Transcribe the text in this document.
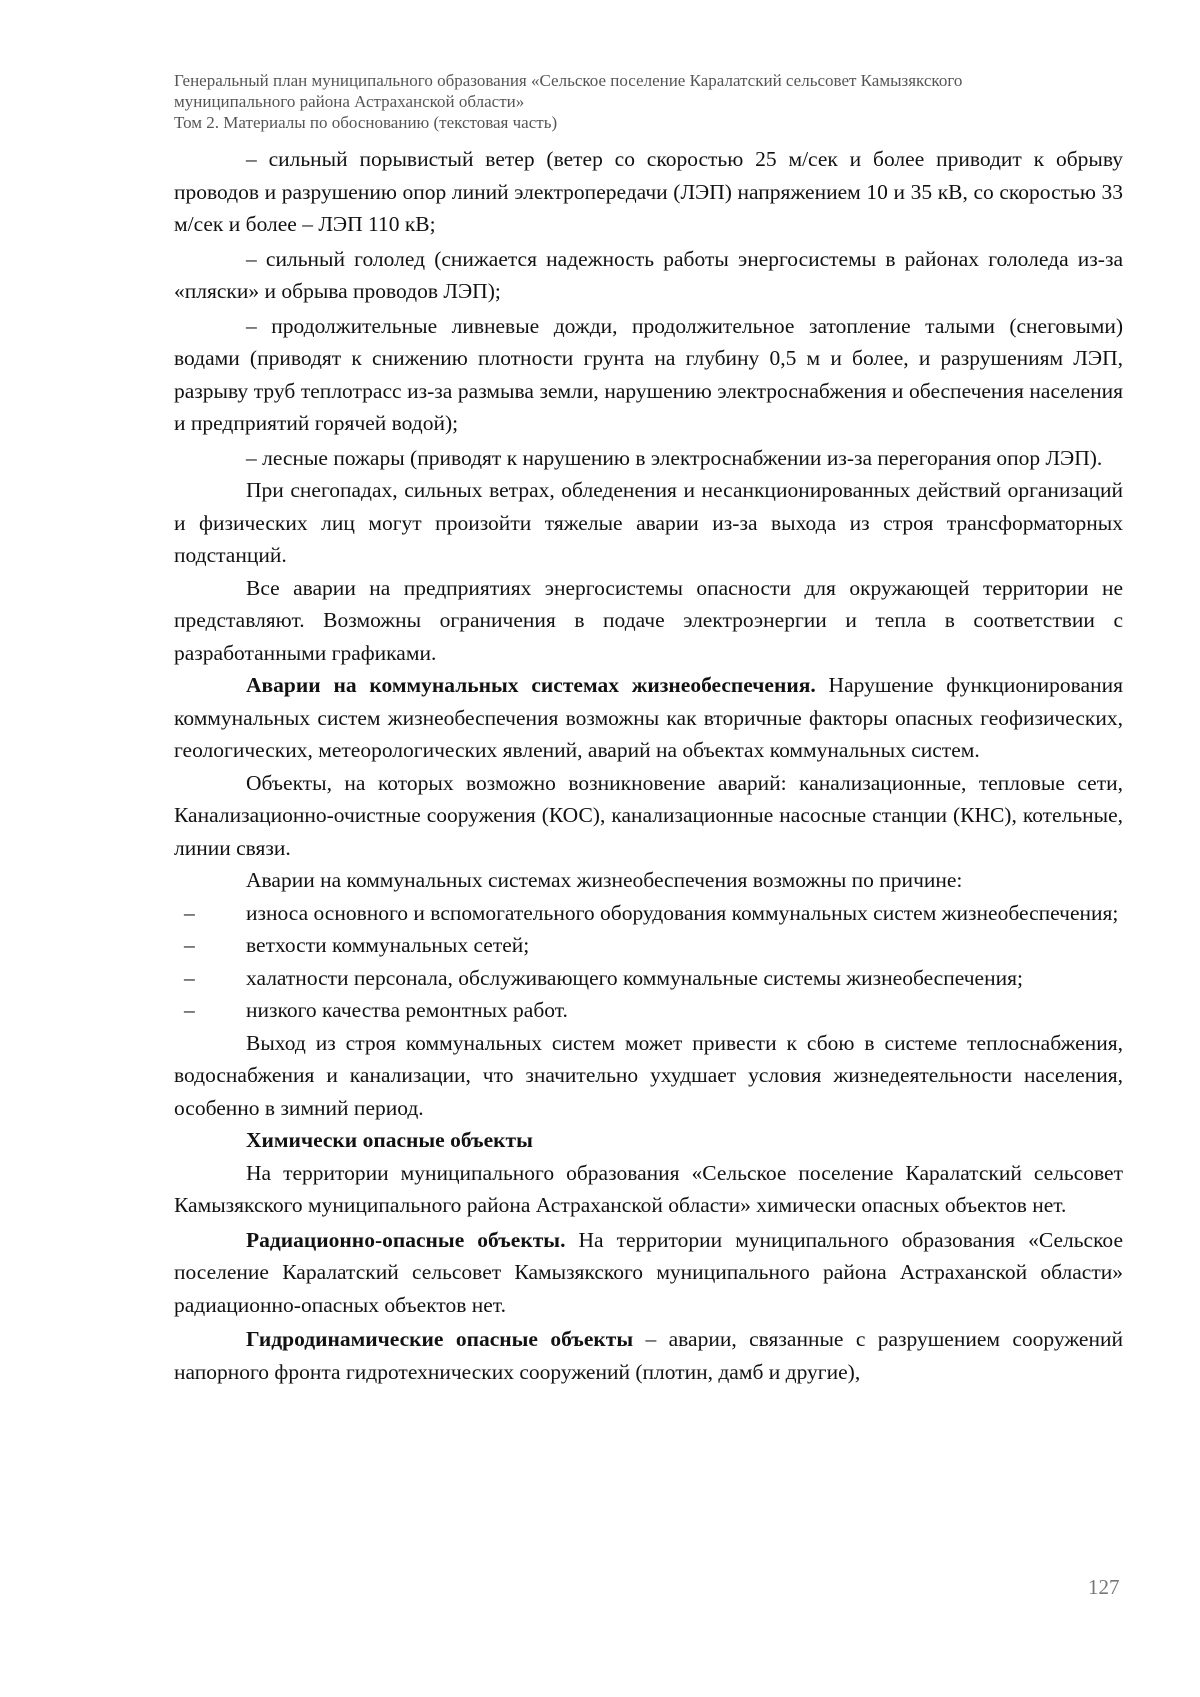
Генеральный план муниципального образования «Сельское поселение Каралатский сельсовет Камызякского
муниципального района Астраханской области»
Том 2. Материалы по обоснованию (текстовая часть)

– сильный порывистый ветер (ветер со скоростью 25 м/сек и более приводит к обрыву проводов и разрушению опор линий электропередачи (ЛЭП) напряжением 10 и 35 кВ, со скоростью 33 м/сек и более – ЛЭП 110 кВ;

– сильный гололед (снижается надежность работы энергосистемы в районах гололеда из-за «пляски» и обрыва проводов ЛЭП);

– продолжительные ливневые дожди, продолжительное затопление талыми (снеговыми) водами (приводят к снижению плотности грунта на глубину 0,5 м и более, и разрушениям ЛЭП, разрыву труб теплотрасс из-за размыва земли, нарушению электроснабжения и обеспечения населения и предприятий горячей водой);

– лесные пожары (приводят к нарушению в электроснабжении из-за перегорания опор ЛЭП).

При снегопадах, сильных ветрах, обледенения и несанкционированных действий организаций и физических лиц могут произойти тяжелые аварии из-за выхода из строя трансформаторных подстанций.

Все аварии на предприятиях энергосистемы опасности для окружающей территории не представляют. Возможны ограничения в подаче электроэнергии и тепла в соответствии с разработанными графиками.

Аварии на коммунальных системах жизнеобеспечения. Нарушение функционирования коммунальных систем жизнеобеспечения возможны как вторичные факторы опасных геофизических, геологических, метеорологических явлений, аварий на объектах коммунальных систем.

Объекты, на которых возможно возникновение аварий: канализационные, тепловые сети, Канализационно-очистные сооружения (КОС), канализационные насосные станции (КНС), котельные, линии связи.

Аварии на коммунальных системах жизнеобеспечения возможны по причине:

– износа основного и вспомогательного оборудования коммунальных систем жизнеобеспечения;

– ветхости коммунальных сетей;

– халатности персонала, обслуживающего коммунальные системы жизнеобеспечения;

– низкого качества ремонтных работ.

Выход из строя коммунальных систем может привести к сбою в системе теплоснабжения, водоснабжения и канализации, что значительно ухудшает условия жизнедеятельности населения, особенно в зимний период.

Химически опасные объекты

На территории муниципального образования «Сельское поселение Каралатский сельсовет Камызякского муниципального района Астраханской области» химически опасных объектов нет.

Радиационно-опасные объекты. На территории муниципального образования «Сельское поселение Каралатский сельсовет Камызякского муниципального района Астраханской области» радиационно-опасных объектов нет.

Гидродинамические опасные объекты – аварии, связанные с разрушением сооружений напорного фронта гидротехнических сооружений (плотин, дамб и другие),

127
